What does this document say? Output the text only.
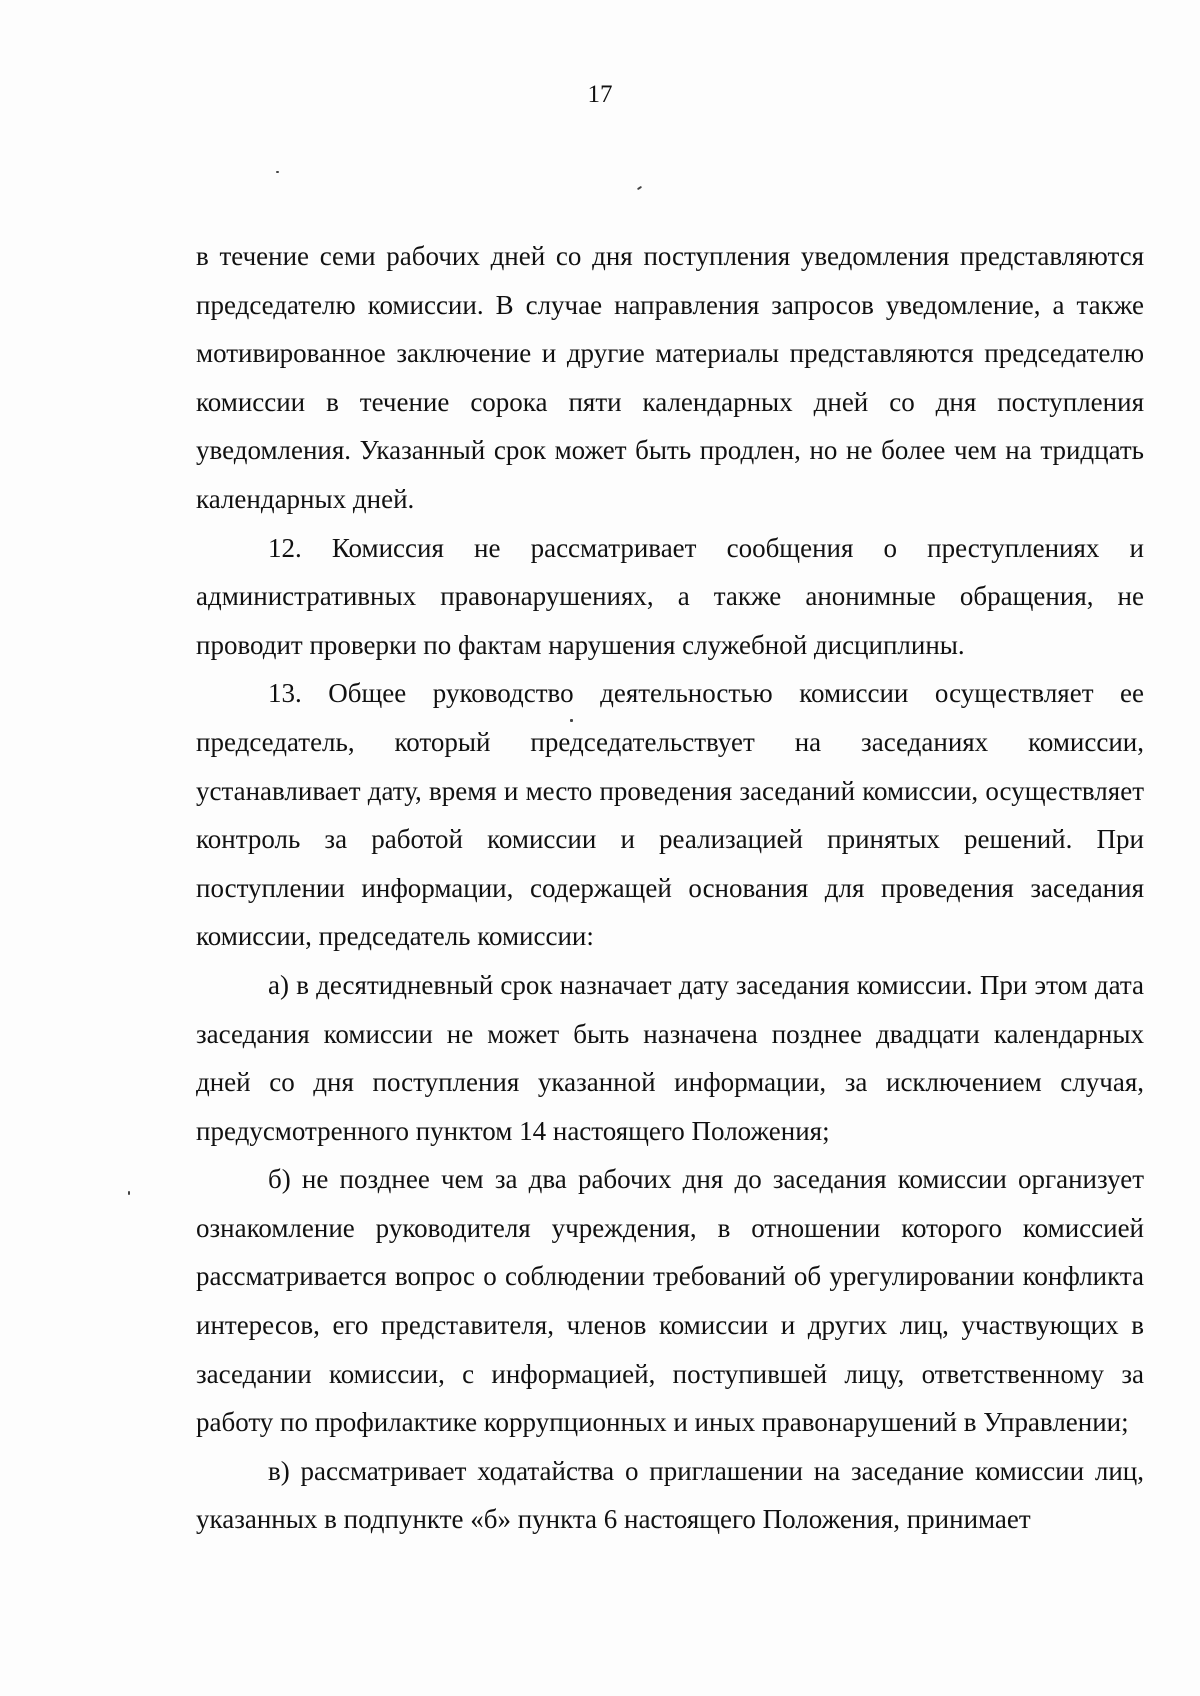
17

в течение семи рабочих дней со дня поступления уведомления представляются председателю комиссии. В случае направления запросов уведомление, а также мотивированное заключение и другие материалы представляются председателю комиссии в течение сорока пяти календарных дней со дня поступления уведомления. Указанный срок может быть продлен, но не более чем на тридцать календарных дней.

12. Комиссия не рассматривает сообщения о преступлениях и административных правонарушениях, а также анонимные обращения, не проводит проверки по фактам нарушения служебной дисциплины.

13. Общее руководство деятельностью комиссии осуществляет ее председатель, который председательствует на заседаниях комиссии, устанавливает дату, время и место проведения заседаний комиссии, осуществляет контроль за работой комиссии и реализацией принятых решений. При поступлении информации, содержащей основания для проведения заседания комиссии, председатель комиссии:

а) в десятидневный срок назначает дату заседания комиссии. При этом дата заседания комиссии не может быть назначена позднее двадцати календарных дней со дня поступления указанной информации, за исключением случая, предусмотренного пунктом 14 настоящего Положения;

б) не позднее чем за два рабочих дня до заседания комиссии организует ознакомление руководителя учреждения, в отношении которого комиссией рассматривается вопрос о соблюдении требований об урегулировании конфликта интересов, его представителя, членов комиссии и других лиц, участвующих в заседании комиссии, с информацией, поступившей лицу, ответственному за работу по профилактике коррупционных и иных правонарушений в Управлении;

в) рассматривает ходатайства о приглашении на заседание комиссии лиц, указанных в подпункте «б» пункта 6 настоящего Положения, принимает
